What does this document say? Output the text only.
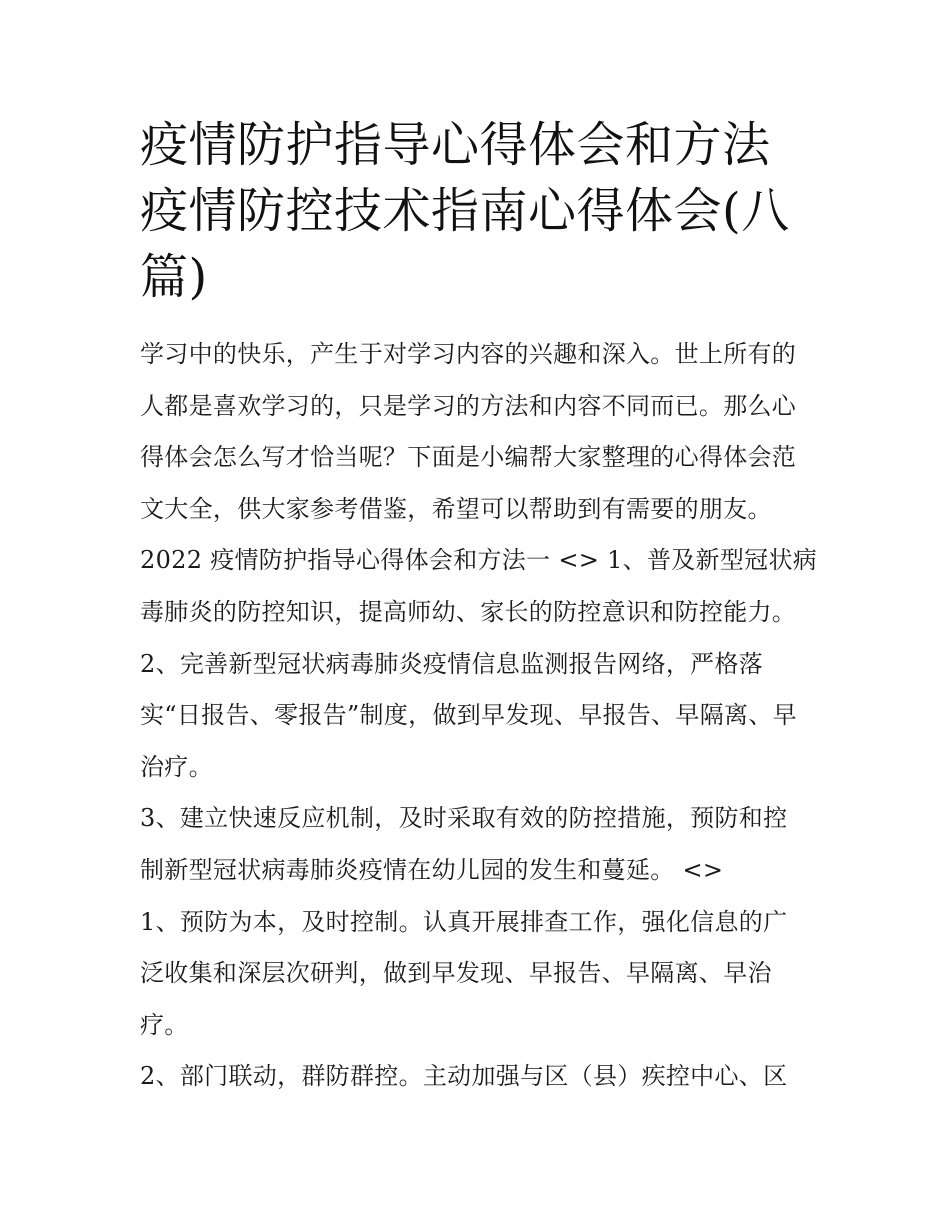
疫情防护指导心得体会和方法
疫情防控技术指南心得体会(八
篇)

学习中的快乐，产生于对学习内容的兴趣和深入。世上所有的
人都是喜欢学习的，只是学习的方法和内容不同而已。那么心
得体会怎么写才恰当呢？下面是小编帮大家整理的心得体会范
文大全，供大家参考借鉴，希望可以帮助到有需要的朋友。

2022 疫情防护指导心得体会和方法一 <> 1、普及新型冠状病
毒肺炎的防控知识，提高师幼、家长的防控意识和防控能力。

2、完善新型冠状病毒肺炎疫情信息监测报告网络，严格落
实“日报告、零报告”制度，做到早发现、早报告、早隔离、早
治疗。

3、建立快速反应机制，及时采取有效的防控措施，预防和控
制新型冠状病毒肺炎疫情在幼儿园的发生和蔓延。 <>

1、预防为本，及时控制。认真开展排查工作，强化信息的广
泛收集和深层次研判，做到早发现、早报告、早隔离、早治
疗。

2、部门联动，群防群控。主动加强与区（县）疾控中心、区
